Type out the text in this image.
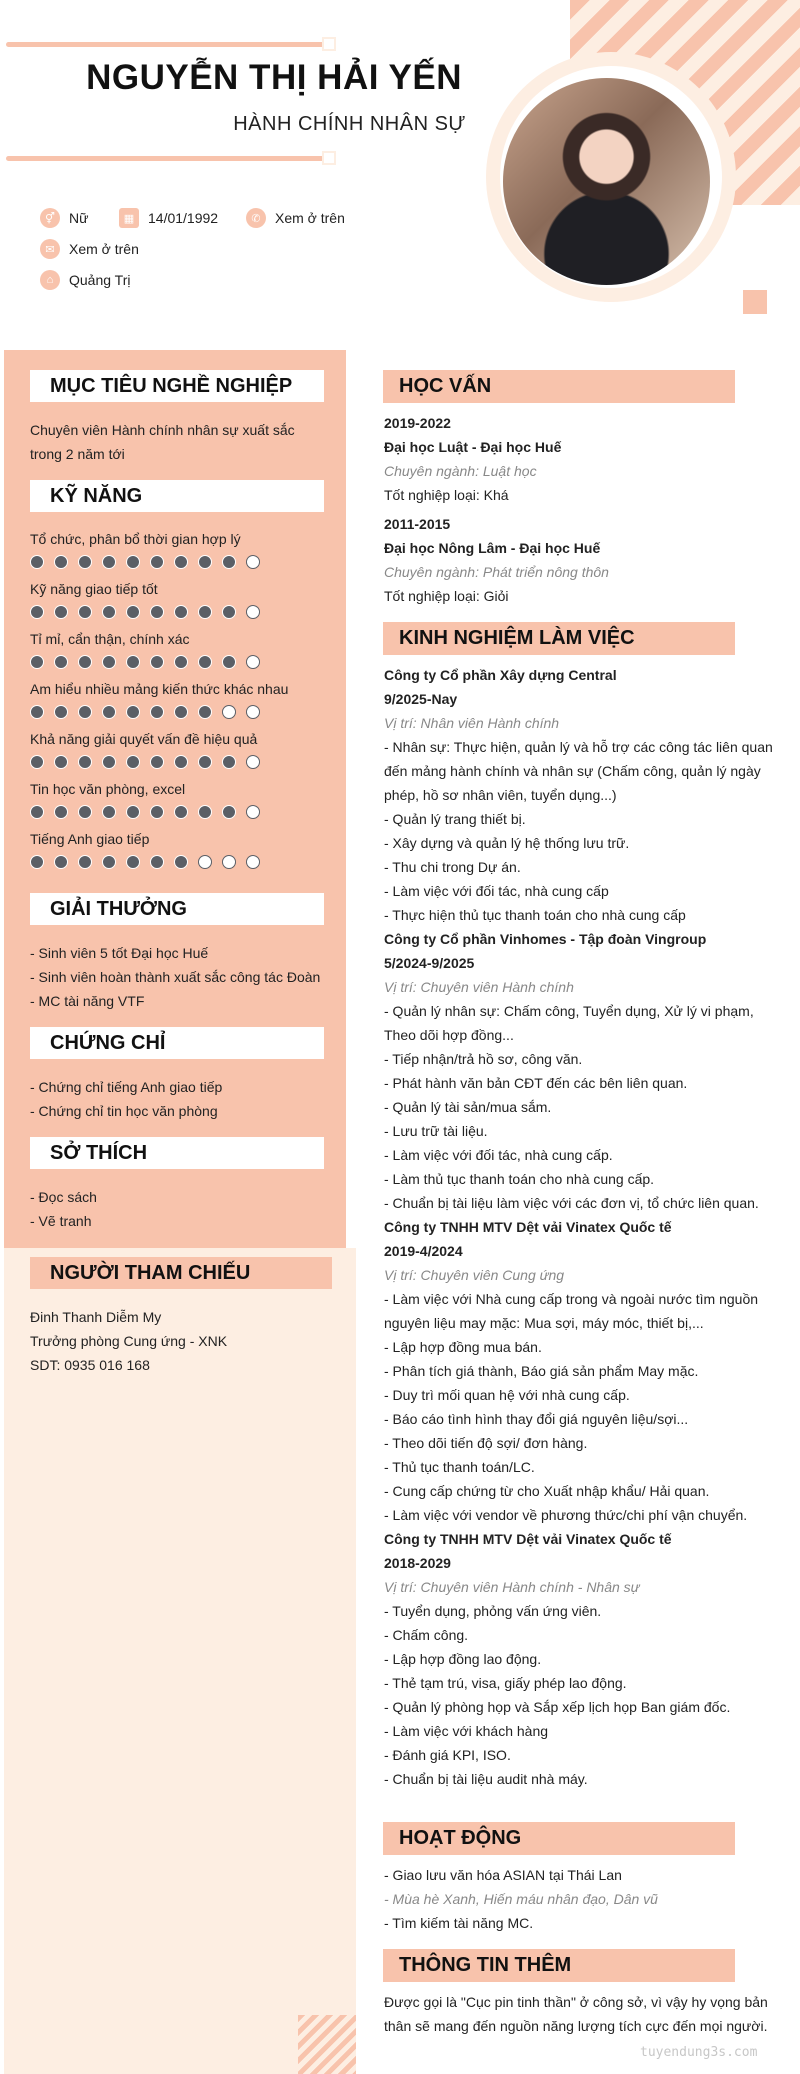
NGUYỄN THỊ HẢI YẾN
HÀNH CHÍNH NHÂN SỰ
⚥	Nữ	▦ 14/01/1992	✆	Xem ở trên
✉	Xem ở trên
⌂	Quảng Trị
MỤC TIÊU NGHỀ NGHIỆP
Chuyên viên Hành chính nhân sự xuất sắc
trong 2 năm tới
KỸ NĂNG
Tổ chức, phân bổ thời gian hợp lý
Kỹ năng giao tiếp tốt
Tỉ mỉ, cẩn thận, chính xác
Am hiểu nhiều mảng kiến thức khác nhau
Khả năng giải quyết vấn đề hiệu quả
Tin học văn phòng, excel
Tiếng Anh giao tiếp
GIẢI THƯỞNG
- Sinh viên 5 tốt Đại học Huế
- Sinh viên hoàn thành xuất sắc công tác Đoàn
- MC tài năng VTF
CHỨNG CHỈ
- Chứng chỉ tiếng Anh giao tiếp
- Chứng chỉ tin học văn phòng
SỞ THÍCH
- Đọc sách
- Vẽ tranh
NGƯỜI THAM CHIẾU
Đinh Thanh Diễm My
Trưởng phòng Cung ứng - XNK
SDT: 0935 016 168
HỌC VẤN
2019-2022
Đại học Luật - Đại học Huế
Chuyên ngành: Luật học
Tốt nghiệp loại: Khá
2011-2015
Đại học Nông Lâm - Đại học Huế
Chuyên ngành: Phát triển nông thôn
Tốt nghiệp loại: Giỏi
KINH NGHIỆM LÀM VIỆC
Công ty Cổ phần Xây dựng Central
9/2025-Nay
Vị trí: Nhân viên Hành chính
- Nhân sự: Thực hiện, quản lý và hỗ trợ các công tác liên quan
đến mảng hành chính và nhân sự (Chấm công, quản lý ngày
phép, hồ sơ nhân viên, tuyển dụng...)
- Quản lý trang thiết bị.
- Xây dựng và quản lý hệ thống lưu trữ.
- Thu chi trong Dự án.
- Làm việc với đối tác, nhà cung cấp
- Thực hiện thủ tục thanh toán cho nhà cung cấp
Công ty Cổ phần Vinhomes - Tập đoàn Vingroup
5/2024-9/2025
Vị trí: Chuyên viên Hành chính
- Quản lý nhân sự: Chấm công, Tuyển dụng, Xử lý vi phạm,
Theo dõi hợp đồng...
- Tiếp nhận/trả hồ sơ, công văn.
- Phát hành văn bản CĐT đến các bên liên quan.
- Quản lý tài sản/mua sắm.
- Lưu trữ tài liệu.
- Làm việc với đối tác, nhà cung cấp.
- Làm thủ tục thanh toán cho nhà cung cấp.
- Chuẩn bị tài liệu làm việc với các đơn vị, tổ chức liên quan.
Công ty TNHH MTV Dệt vải Vinatex Quốc tế
2019-4/2024
Vị trí: Chuyên viên Cung ứng
- Làm việc với Nhà cung cấp trong và ngoài nước tìm nguồn
nguyên liệu may mặc: Mua sợi, máy móc, thiết bị,...
- Lập hợp đồng mua bán.
- Phân tích giá thành, Báo giá sản phẩm May mặc.
- Duy trì mối quan hệ với nhà cung cấp.
- Báo cáo tình hình thay đổi giá nguyên liệu/sợi...
- Theo dõi tiến độ sợi/ đơn hàng.
- Thủ tục thanh toán/LC.
- Cung cấp chứng từ cho Xuất nhập khẩu/ Hải quan.
- Làm việc với vendor về phương thức/chi phí vận chuyển.
Công ty TNHH MTV Dệt vải Vinatex Quốc tế
2018-2029
Vị trí: Chuyên viên Hành chính - Nhân sự
- Tuyển dụng, phỏng vấn ứng viên.
- Chấm công.
- Lập hợp đồng lao động.
- Thẻ tạm trú, visa, giấy phép lao động.
- Quản lý phòng họp và Sắp xếp lịch họp Ban giám đốc.
- Làm việc với khách hàng
- Đánh giá KPI, ISO.
- Chuẩn bị tài liệu audit nhà máy.
HOẠT ĐỘNG
- Giao lưu văn hóa ASIAN tại Thái Lan
- Mùa hè Xanh, Hiến máu nhân đạo, Dân vũ
- Tìm kiếm tài năng MC.
THÔNG TIN THÊM
Được gọi là "Cục pin tinh thần" ở công sở, vì vậy hy vọng bản
thân sẽ mang đến nguồn năng lượng tích cực đến mọi người.
tuyendung3s.com
